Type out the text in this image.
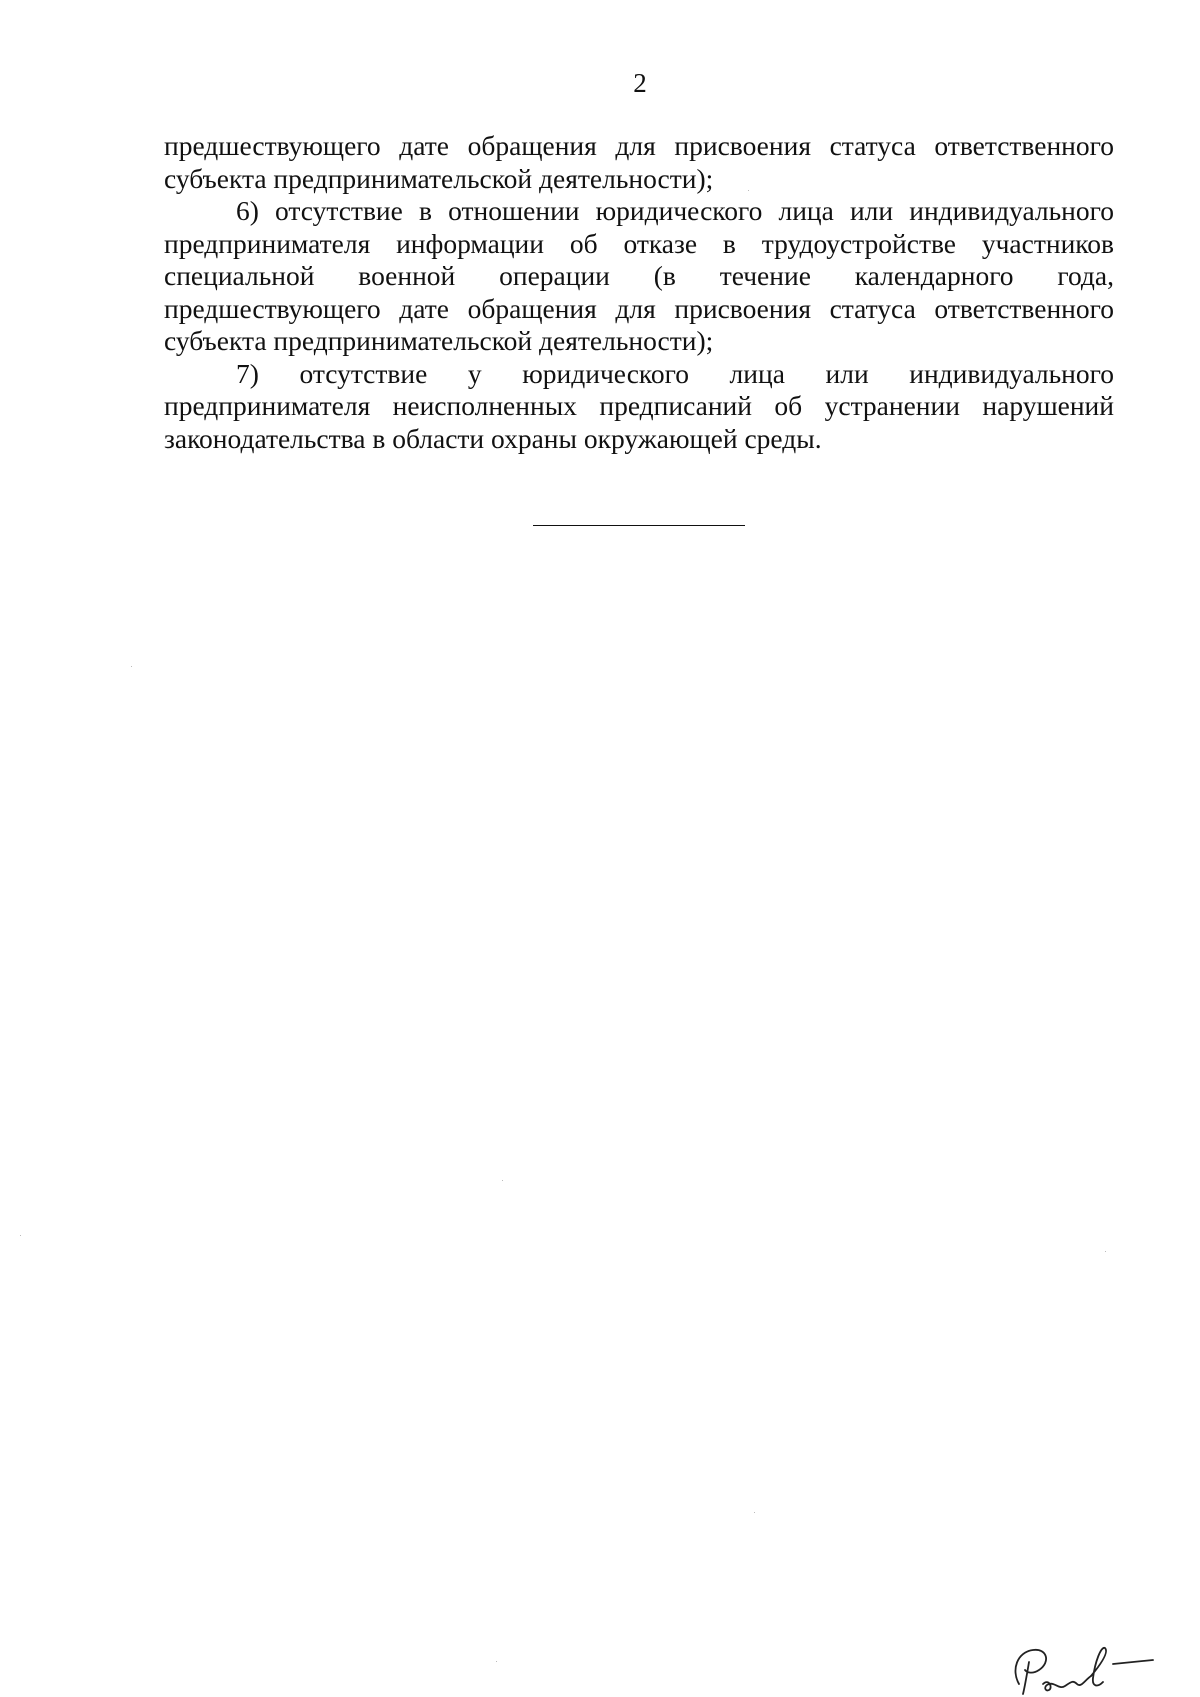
2

предшествующего дате обращения для присвоения статуса ответственного
субъекта предпринимательской деятельности);

6) отсутствие в отношении юридического лица или индивидуального
предпринимателя информации об отказе в трудоустройстве участников
специальной военной операции (в течение календарного года,
предшествующего дате обращения для присвоения статуса ответственного
субъекта предпринимательской деятельности);

7) отсутствие у юридического лица или индивидуального
предпринимателя неисполненных предписаний об устранении нарушений
законодательства в области охраны окружающей среды.
